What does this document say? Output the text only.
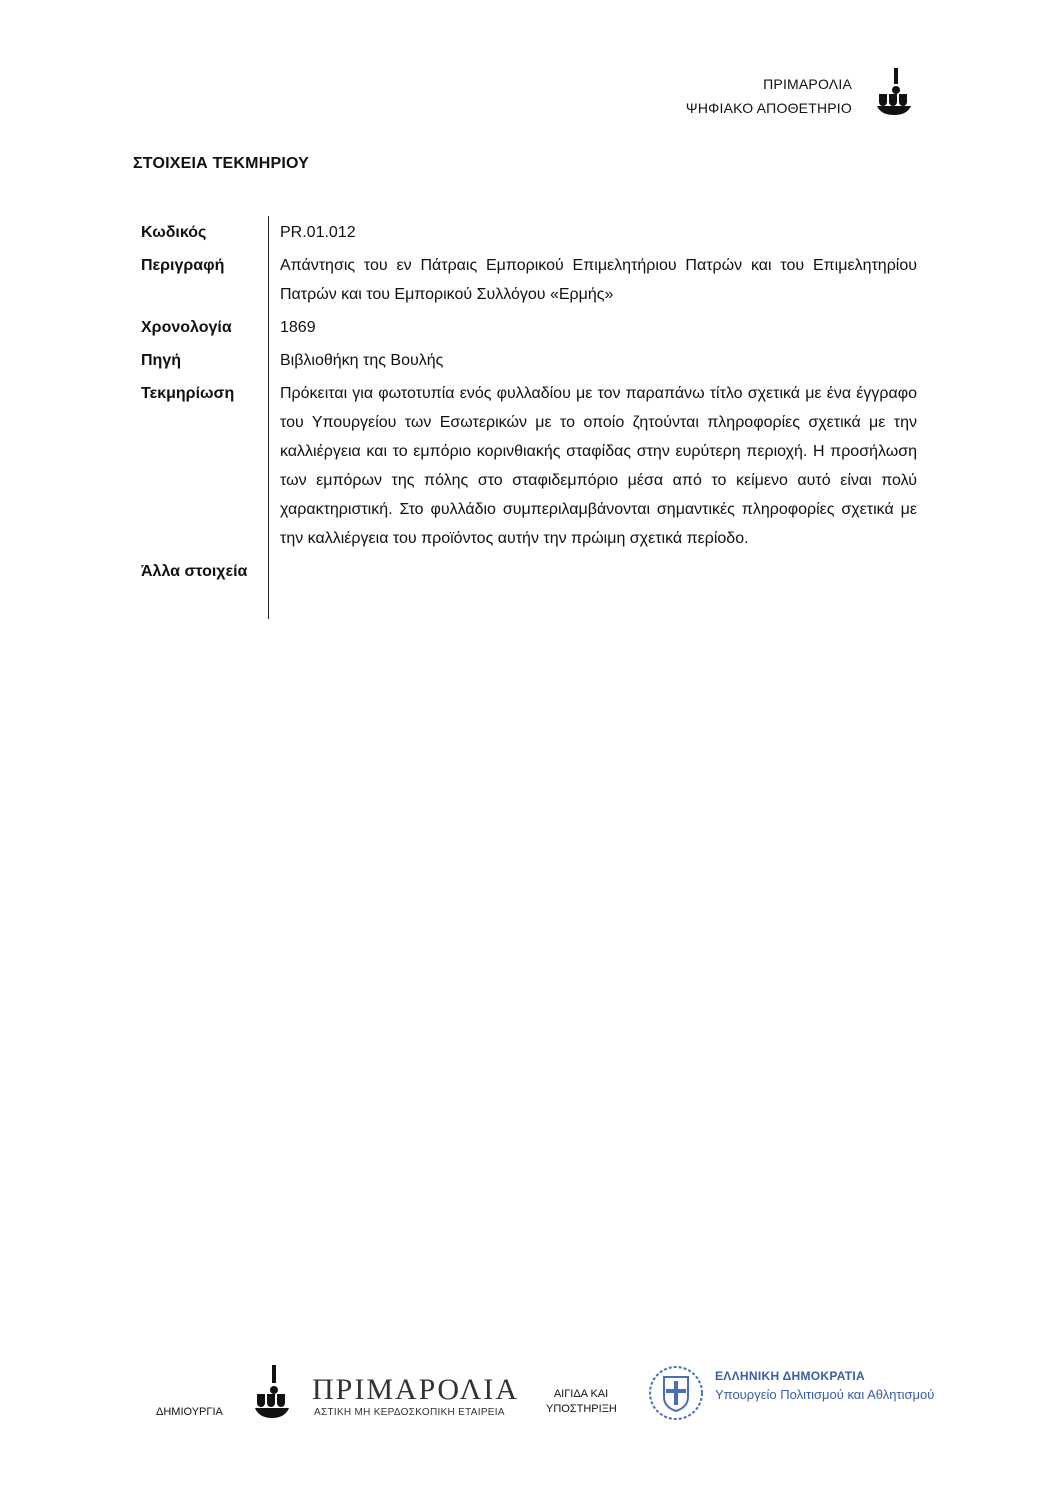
ΠΡΙΜΑΡΟΛΙΑ
ΨΗΦΙΑΚΟ ΑΠΟΘΕΤΗΡΙΟ
ΣΤΟΙΧΕΙΑ ΤΕΚΜΗΡΙΟΥ
Κωδικός	PR.01.012
Περιγραφή	Απάντησις του εν Πάτραις Εμπορικού Επιμελητήριου Πατρών και του Επιμελητηρίου Πατρών και του Εμπορικού Συλλόγου «Ερμής»
Χρονολογία	1869
Πηγή	Βιβλιοθήκη της Βουλής
Τεκμηρίωση	Πρόκειται για φωτοτυπία ενός φυλλαδίου με τον παραπάνω τίτλο σχετικά με ένα έγγραφο του Υπουργείου των Εσωτερικών με το οποίο ζητούνται πληροφορίες σχετικά με την καλλιέργεια και το εμπόριο κορινθιακής σταφίδας στην ευρύτερη περιοχή. Η προσήλωση των εμπόρων της πόλης στο σταφιδεμπόριο μέσα από το κείμενο αυτό είναι πολύ χαρακτηριστική. Στο φυλλάδιο συμπεριλαμβάνονται σημαντικές πληροφορίες σχετικά με την καλλιέργεια του προϊόντος αυτήν την πρώιμη σχετικά περίοδο.
Άλλα στοιχεία
ΔΗΜΙΟΥΡΓΙΑ
ΠΡΙΜΑΡΟΛΙΑ
ΑΣΤΙΚΗ ΜΗ ΚΕΡΔΟΣΚΟΠΙΚΗ ΕΤΑΙΡΕΙΑ
ΑΙΓΙΔΑ ΚΑΙ
ΥΠΟΣΤΗΡΙΞΗ
ΕΛΛΗΝΙΚΗ ΔΗΜΟΚΡΑΤΙΑ
Υπουργείο Πολιτισμού και Αθλητισμού
